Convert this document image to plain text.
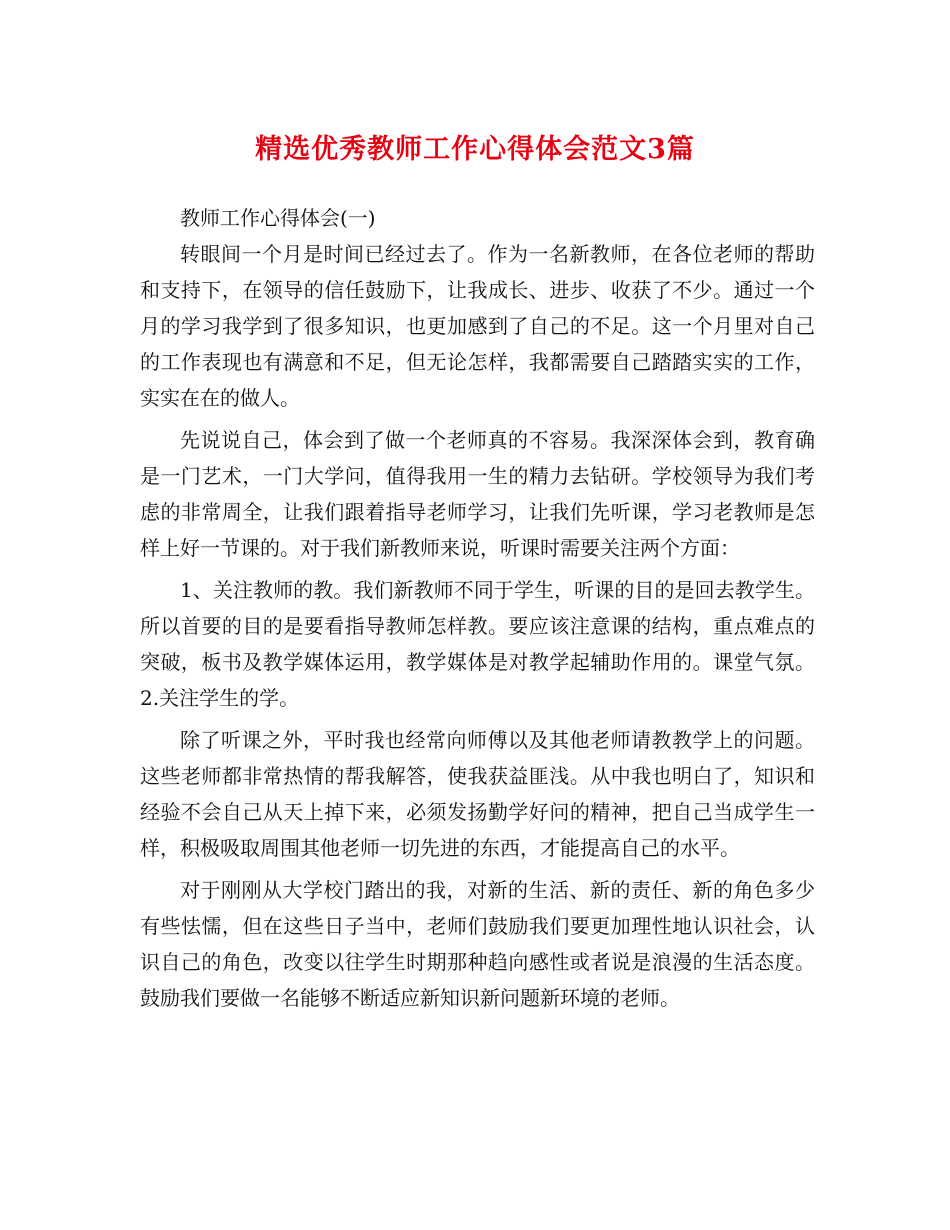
精选优秀教师工作心得体会范文3篇

教师工作心得体会(一)

转眼间一个月是时间已经过去了。作为一名新教师，在各位老师的帮助和支持下，在领导的信任鼓励下，让我成长、进步、收获了不少。通过一个月的学习我学到了很多知识，也更加感到了自己的不足。这一个月里对自己的工作表现也有满意和不足，但无论怎样，我都需要自己踏踏实实的工作，实实在在的做人。

先说说自己，体会到了做一个老师真的不容易。我深深体会到，教育确是一门艺术，一门大学问，值得我用一生的精力去钻研。学校领导为我们考虑的非常周全，让我们跟着指导老师学习，让我们先听课，学习老教师是怎样上好一节课的。对于我们新教师来说，听课时需要关注两个方面：

1、关注教师的教。我们新教师不同于学生，听课的目的是回去教学生。所以首要的目的是要看指导教师怎样教。要应该注意课的结构，重点难点的突破，板书及教学媒体运用，教学媒体是对教学起辅助作用的。课堂气氛。2.关注学生的学。

除了听课之外，平时我也经常向师傅以及其他老师请教教学上的问题。这些老师都非常热情的帮我解答，使我获益匪浅。从中我也明白了，知识和经验不会自己从天上掉下来，必须发扬勤学好问的精神，把自己当成学生一样，积极吸取周围其他老师一切先进的东西，才能提高自己的水平。

对于刚刚从大学校门踏出的我，对新的生活、新的责任、新的角色多少有些怯懦，但在这些日子当中，老师们鼓励我们要更加理性地认识社会，认识自己的角色，改变以往学生时期那种趋向感性或者说是浪漫的生活态度。鼓励我们要做一名能够不断适应新知识新问题新环境的老师。
